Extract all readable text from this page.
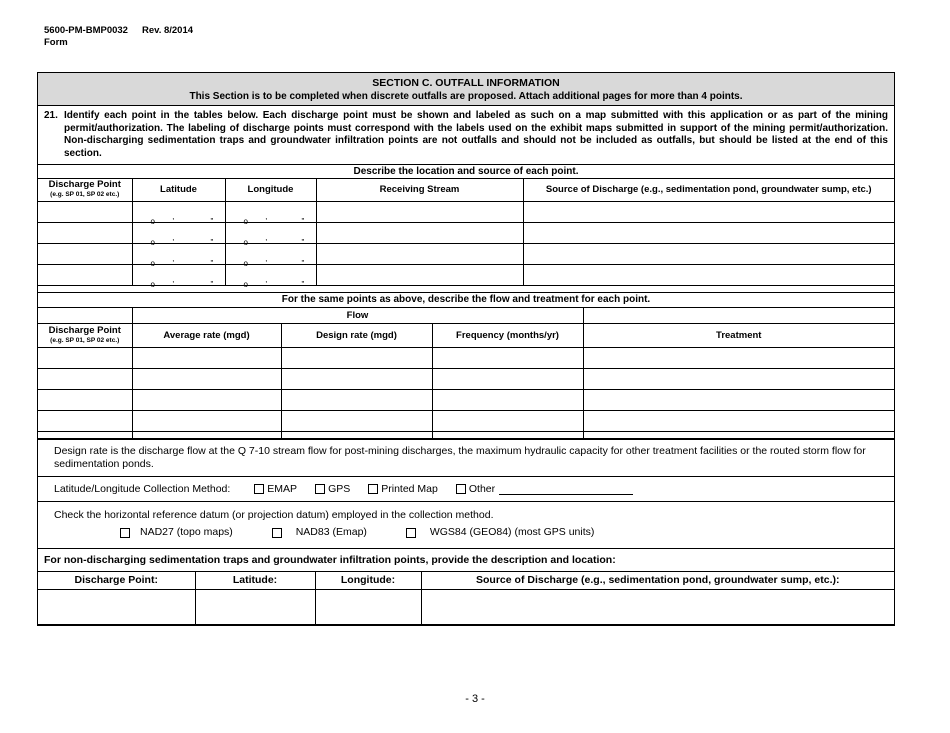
5600-PM-BMP0032 Rev. 8/2014
Form
SECTION C. OUTFALL INFORMATION
This Section is to be completed when discrete outfalls are proposed. Attach additional pages for more than 4 points.
21. Identify each point in the tables below. Each discharge point must be shown and labeled as such on a map submitted with this application or as part of the mining permit/authorization. The labeling of discharge points must correspond with the labels used on the exhibit maps submitted in support of the mining permit/authorization. Non-discharging sedimentation traps and groundwater infiltration points are not outfalls and should not be included as outfalls, but should be listed at the end of this section.
Describe the location and source of each point.				
Discharge Point
(e.g. SP 01, SP 02 etc.)	Latitude	Longitude	Receiving Stream	Source of Discharge (e.g., sedimentation pond, groundwater sump, etc.)

	o ' "	o ' "		

	o ' "	o ' "		

	o ' "	o ' "		

	o ' "	o ' "		

For the same points as above, describe the flow and treatment for each point.				
	Flow			
Discharge Point
(e.g. SP 01, SP 02 etc.)	Average rate (mgd)	Design rate (mgd)	Frequency (months/yr)	Treatment

Design rate is the discharge flow at the Q 7-10 stream flow for post-mining discharges, the maximum hydraulic capacity for other treatment facilities or the routed storm flow for sedimentation ponds.
Latitude/Longitude Collection Method:	EMAP	GPS	Printed Map	Other
Check the horizontal reference datum (or projection datum) employed in the collection method.
NAD27 (topo maps)
	NAD83 (Emap)
	WGS84 (GEO84) (most GPS units)
For non-discharging sedimentation traps and groundwater infiltration points, provide the description and location:
Discharge Point:	Latitude:	Longitude:	Source of Discharge (e.g., sedimentation pond, groundwater sump, etc.):

- 3 -
